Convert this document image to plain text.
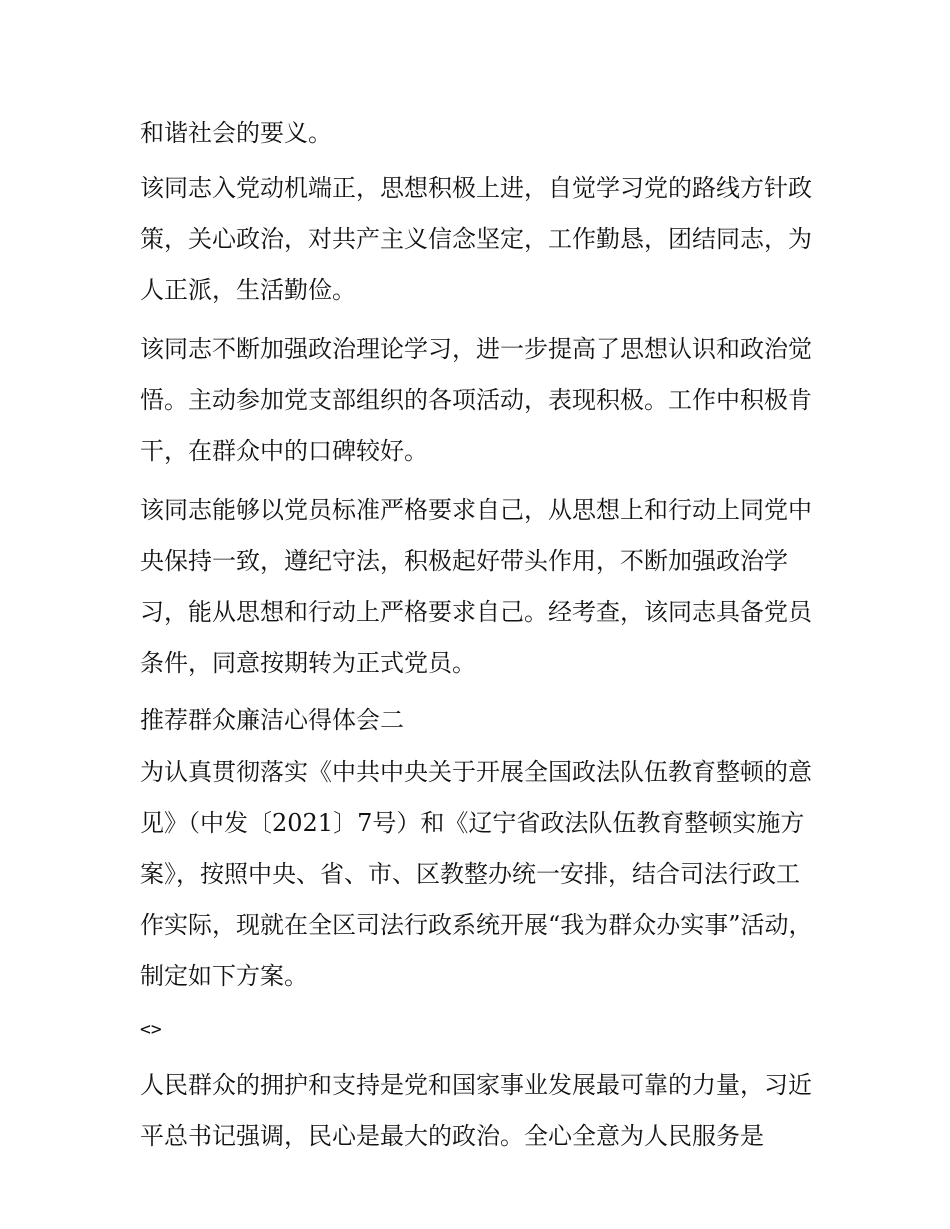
和谐社会的要义。

该同志入党动机端正，思想积极上进，自觉学习党的路线方针政策，关心政治，对共产主义信念坚定，工作勤恳，团结同志，为人正派，生活勤俭。

该同志不断加强政治理论学习，进一步提高了思想认识和政治觉悟。主动参加党支部组织的各项活动，表现积极。工作中积极肯干，在群众中的口碑较好。

该同志能够以党员标准严格要求自己，从思想上和行动上同党中央保持一致，遵纪守法，积极起好带头作用，不断加强政治学习，能从思想和行动上严格要求自己。经考查，该同志具备党员条件，同意按期转为正式党员。

推荐群众廉洁心得体会二

为认真贯彻落实《中共中央关于开展全国政法队伍教育整顿的意见》（中发〔2021〕7号）和《辽宁省政法队伍教育整顿实施方案》，按照中央、省、市、区教整办统一安排，结合司法行政工作实际，现就在全区司法行政系统开展“我为群众办实事”活动，制定如下方案。

<>

人民群众的拥护和支持是党和国家事业发展最可靠的力量，习近平总书记强调，民心是最大的政治。全心全意为人民服务是
